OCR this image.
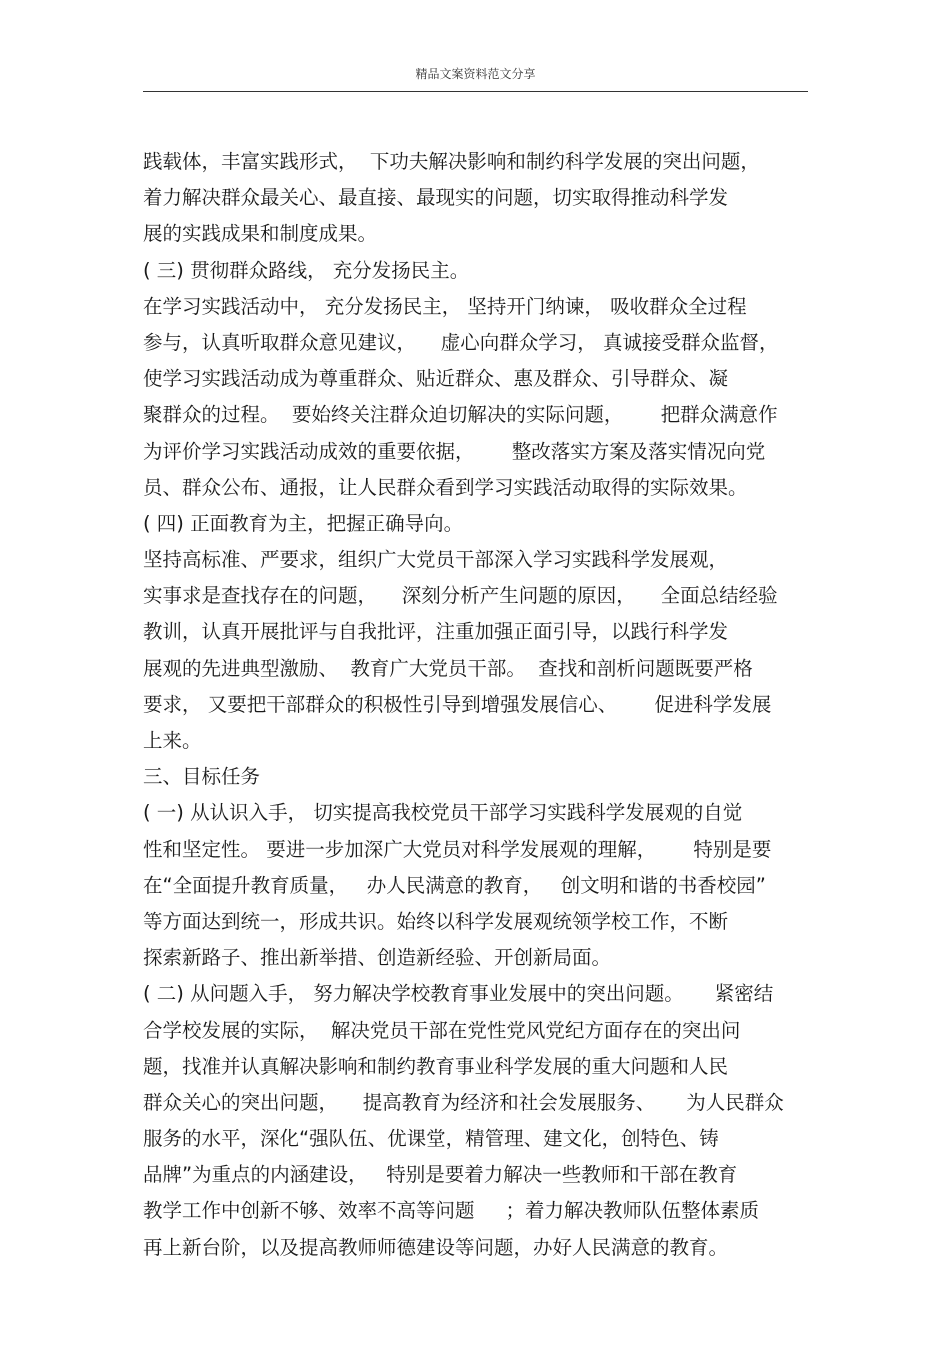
精品文案资料范文分享

践载体，丰富实践形式，  下功夫解决影响和制约科学发展的突出问题，

着力解决群众最关心、最直接、最现实的问题，切实取得推动科学发

展的实践成果和制度成果。

( 三) 贯彻群众路线， 充分发扬民主。

在学习实践活动中， 充分发扬民主， 坚持开门纳谏， 吸收群众全过程

参与，认真听取群众意见建议，    虚心向群众学习， 真诚接受群众监督，

使学习实践活动成为尊重群众、贴近群众、惠及群众、引导群众、凝

聚群众的过程。  要始终关注群众迫切解决的实际问题，      把群众满意作

为评价学习实践活动成效的重要依据，      整改落实方案及落实情况向党

员、群众公布、通报，让人民群众看到学习实践活动取得的实际效果。

( 四) 正面教育为主，把握正确导向。

坚持高标准、严要求，组织广大党员干部深入学习实践科学发展观，

实事求是查找存在的问题，    深刻分析产生问题的原因，    全面总结经验

教训，认真开展批评与自我批评，注重加强正面引导，以践行科学发

展观的先进典型激励、  教育广大党员干部。  查找和剖析问题既要严格

要求， 又要把干部群众的积极性引导到增强发展信心、      促进科学发展

上来。

三、目标任务

( 一) 从认识入手， 切实提高我校党员干部学习实践科学发展观的自觉

性和坚定性。 要进一步加深广大党员对科学发展观的理解，      特别是要

在“全面提升教育质量，   办人民满意的教育，   创文明和谐的书香校园”

等方面达到统一，形成共识。始终以科学发展观统领学校工作，不断

探索新路子、推出新举措、创造新经验、开创新局面。

( 二) 从问题入手， 努力解决学校教育事业发展中的突出问题。     紧密结

合学校发展的实际，  解决党员干部在党性党风党纪方面存在的突出问

题，找准并认真解决影响和制约教育事业科学发展的重大问题和人民

群众关心的突出问题，    提高教育为经济和社会发展服务、     为人民群众

服务的水平，深化“强队伍、优课堂，精管理、建文化，创特色、铸

品牌”为重点的内涵建设，   特别是要着力解决一些教师和干部在教育

教学工作中创新不够、效率不高等问题     ；着力解决教师队伍整体素质

再上新台阶，以及提高教师师德建设等问题，办好人民满意的教育。
